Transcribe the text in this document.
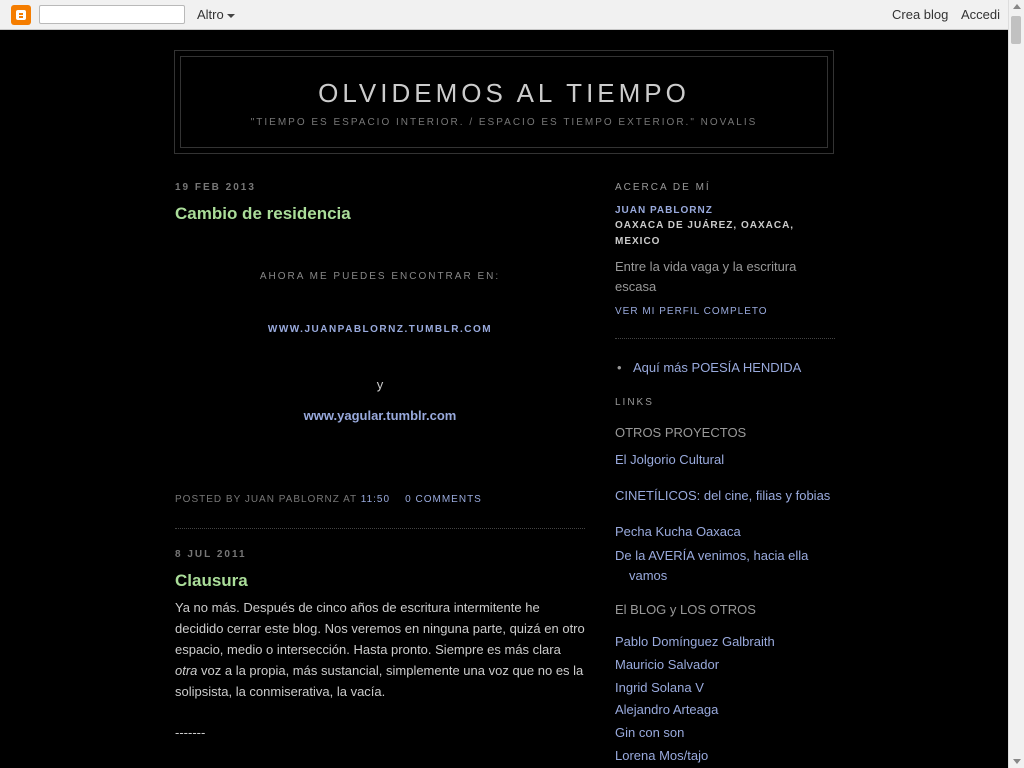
Altro	Crea blog Accedi
OLVIDEMOS AL TIEMPO
"TIEMPO ES ESPACIO INTERIOR. / ESPACIO ES TIEMPO EXTERIOR." NOVALIS
19 FEB 2013
Cambio de residencia
AHORA ME PUEDES ENCONTRAR EN:
WWW.JUANPABLORNZ.TUMBLR.COM
y
www.yagular.tumblr.com
POSTED BY JUAN PABLORNZ AT 11:50 0 COMMENTS
8 JUL 2011
Clausura
Ya no más. Después de cinco años de escritura intermitente he decidido cerrar este blog. Nos veremos en ninguna parte, quizá en otro espacio, medio o intersección. Hasta pronto. Siempre es más clara otra voz a la propia, más sustancial, simplemente una voz que no es la solipsista, la conmiserativa, la vacía.
-------
ACERCA DE MÍ
JUAN PABLORNZ
OAXACA DE JUÁREZ, OAXACA, MEXICO
Entre la vida vaga y la escritura escasa
VER MI PERFIL COMPLETO
• Aquí más POESÍA HENDIDA
LINKS
OTROS PROYECTOS
El Jolgorio Cultural
CINETÍLICOS: del cine, filias y fobias
Pecha Kucha Oaxaca
De la AVERÍA venimos, hacia ella vamos
El BLOG y LOS OTROS
Pablo Domínguez Galbraith
Mauricio Salvador
Ingrid Solana V
Alejandro Arteaga
Gin con son
Lorena Mos/tajo
